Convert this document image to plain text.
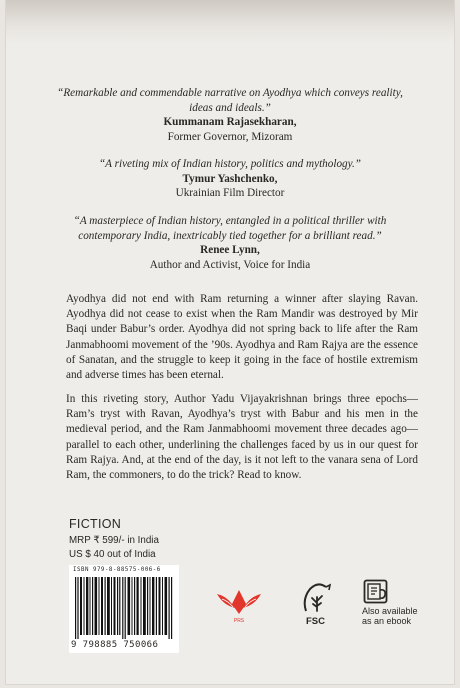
“Remarkable and commendable narrative on Ayodhya which conveys reality,
ideas and ideals.”
Kummanam Rajasekharan,
Former Governor, Mizoram
“A riveting mix of Indian history, politics and mythology.”
Tymur Yashchenko,
Ukrainian Film Director
“A masterpiece of Indian history, entangled in a political thriller with
contemporary India, inextricably tied together for a brilliant read.”
Renee Lynn,
Author and Activist, Voice for India
Ayodhya did not end with Ram returning a winner after slaying Ravan. Ayodhya did not cease to exist when the Ram Mandir was destroyed by Mir Baqi under Babur’s order. Ayodhya did not spring back to life after the Ram Janmabhoomi movement of the ’90s. Ayodhya and Ram Rajya are the essence of Sanatan, and the struggle to keep it going in the face of hostile extremism and adverse times has been eternal.
In this riveting story, Author Yadu Vijayakrishnan brings three epochs—Ram’s tryst with Ravan, Ayodhya’s tryst with Babur and his men in the medieval period, and the Ram Janmabhoomi movement three decades ago—parallel to each other, underlining the challenges faced by us in our quest for Ram Rajya. And, at the end of the day, is it not left to the vanara sena of Lord Ram, the commoners, to do the trick? Read to know.
FICTION
MRP ₹ 599/- in India
US $ 40 out of India
ISBN 979-8-88575-006-6
9 798885 750066
PRS	FSC
Also available
as an ebook
